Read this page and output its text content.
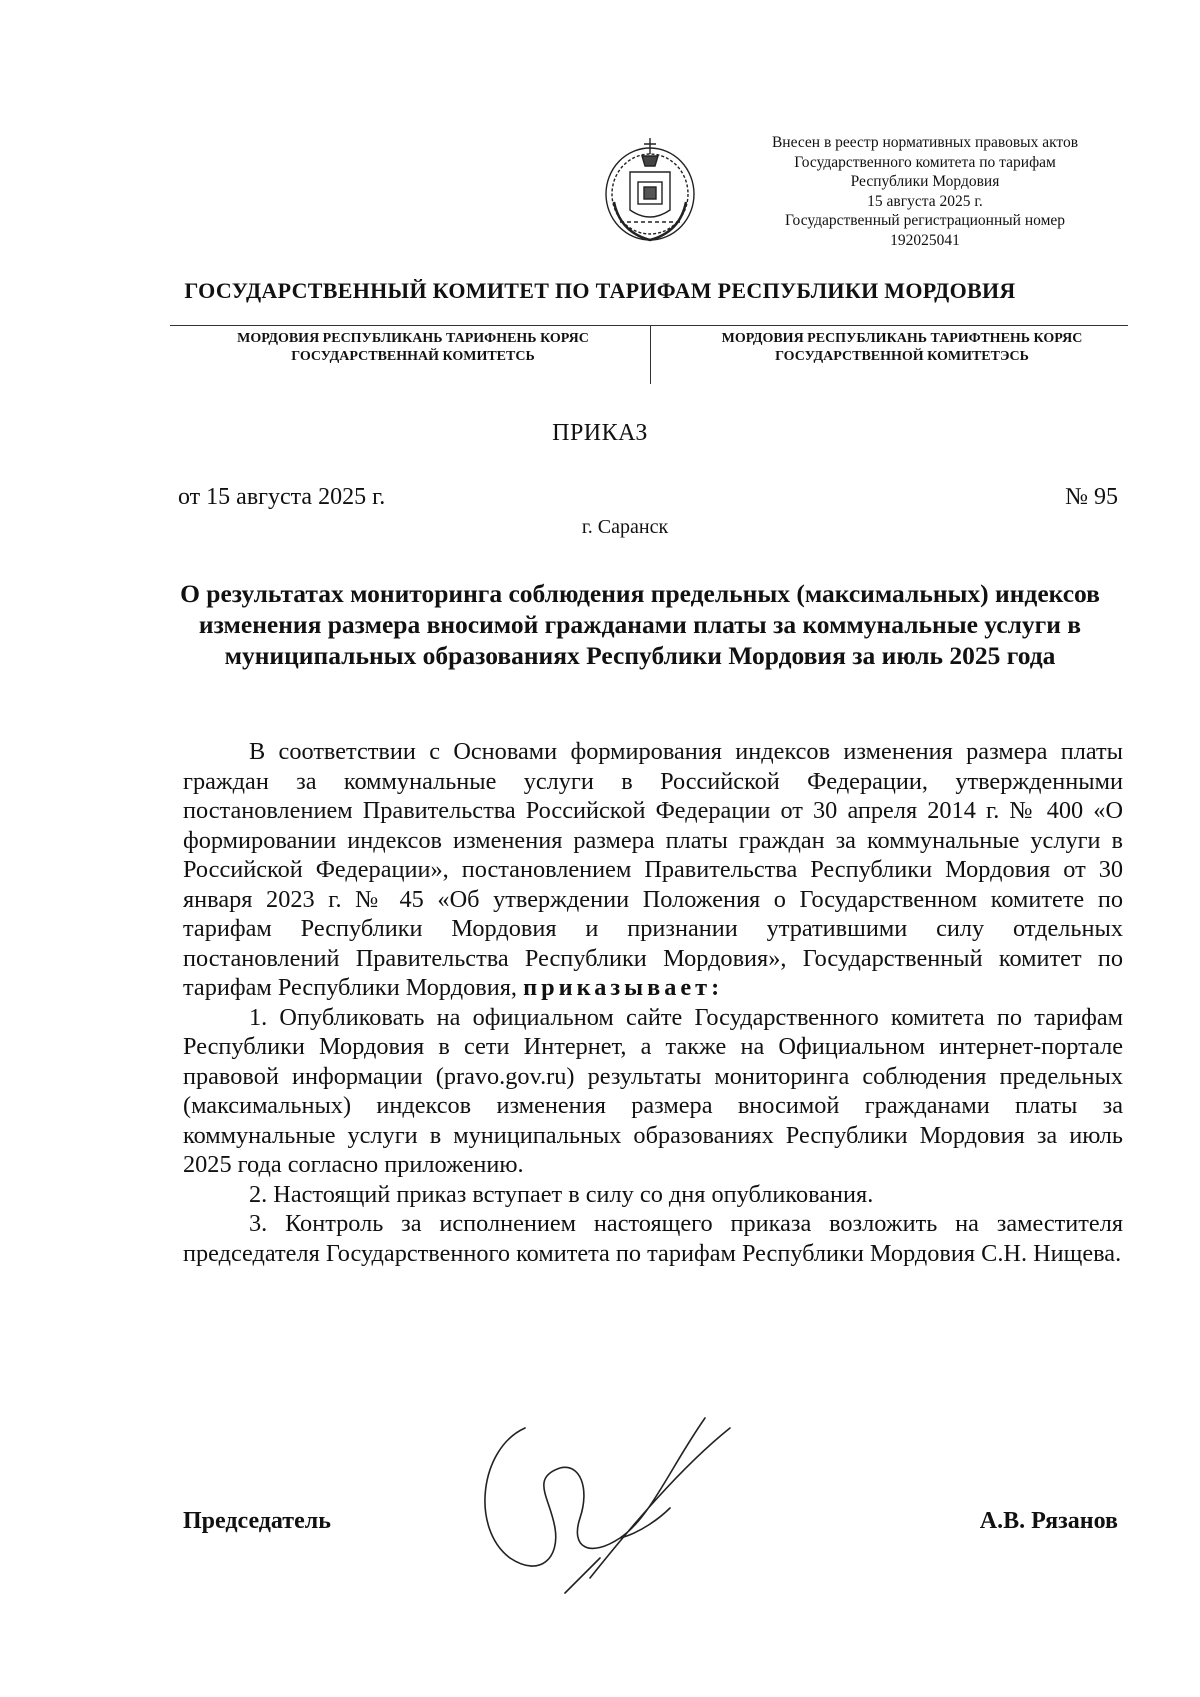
Внесен в реестр нормативных правовых актов
Государственного комитета по тарифам
Республики Мордовия
15 августа 2025 г.
Государственный регистрационный номер
192025041
ГОСУДАРСТВЕННЫЙ КОМИТЕТ ПО ТАРИФАМ РЕСПУБЛИКИ МОРДОВИЯ
МОРДОВИЯ РЕСПУБЛИКАНЬ ТАРИФНЕНЬ КОРЯС
ГОСУДАРСТВЕННАЙ КОМИТЕТСЬ
МОРДОВИЯ РЕСПУБЛИКАНЬ ТАРИФТНЕНЬ КОРЯС
ГОСУДАРСТВЕННОЙ КОМИТЕТЭСЬ
ПРИКАЗ
от 15 августа 2025 г.	№ 95
г. Саранск
О результатах мониторинга соблюдения предельных (максимальных) индексов изменения размера вносимой гражданами платы за коммунальные услуги в муниципальных образованиях Республики Мордовия за июль 2025 года

В соответствии с Основами формирования индексов изменения размера платы граждан за коммунальные услуги в Российской Федерации, утвержденными постановлением Правительства Российской Федерации от 30 апреля 2014 г. № 400 «О формировании индексов изменения размера платы граждан за коммунальные услуги в Российской Федерации», постановлением Правительства Республики Мордовия от 30 января 2023 г. № 45 «Об утверждении Положения о Государственном комитете по тарифам Республики Мордовия и признании утратившими силу отдельных постановлений Правительства Республики Мордовия», Государственный комитет по тарифам Республики Мордовия, приказывает:

1. Опубликовать на официальном сайте Государственного комитета по тарифам Республики Мордовия в сети Интернет, а также на Официальном интернет-портале правовой информации (pravo.gov.ru) результаты мониторинга соблюдения предельных (максимальных) индексов изменения размера вносимой гражданами платы за коммунальные услуги в муниципальных образованиях Республики Мордовия за июль 2025 года согласно приложению.

2. Настоящий приказ вступает в силу со дня опубликования.

3. Контроль за исполнением настоящего приказа возложить на заместителя председателя Государственного комитета по тарифам Республики Мордовия С.Н. Нищева.

Председатель	А.В. Рязанов
